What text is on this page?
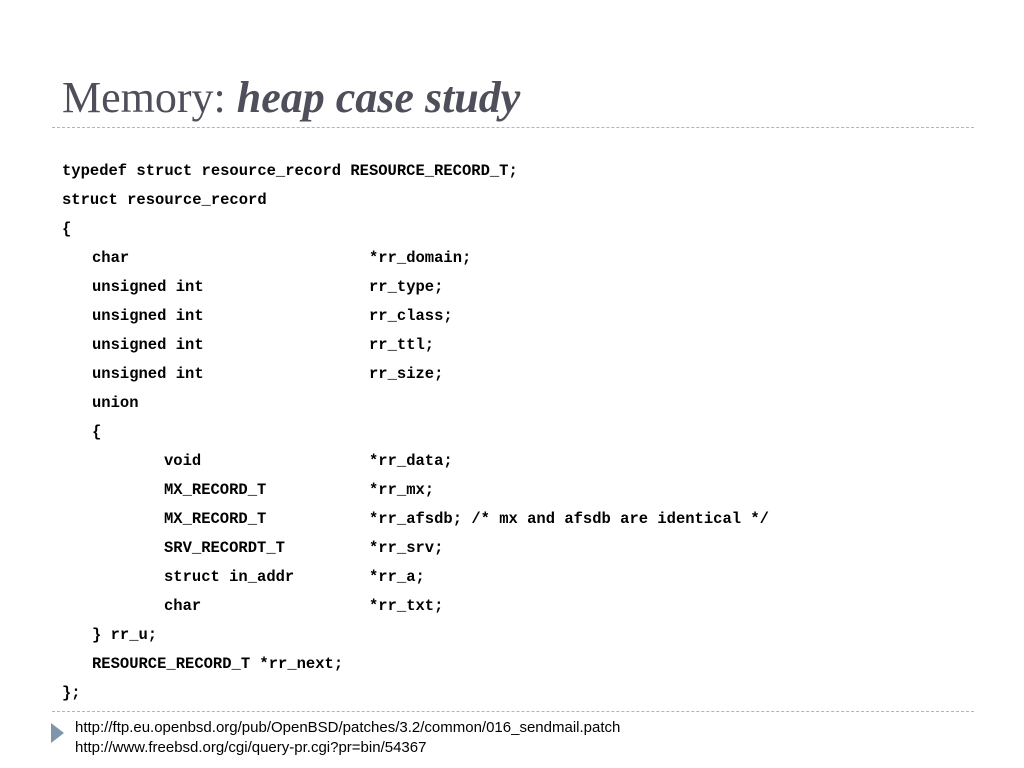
Memory: heap case study
typedef struct resource_record RESOURCE_RECORD_T;
struct resource_record
{
char	*rr_domain;
unsigned int	rr_type;
unsigned int	rr_class;
unsigned int	rr_ttl;
unsigned int	rr_size;
union
{
void	*rr_data;
MX_RECORD_T	*rr_mx;
MX_RECORD_T	*rr_afsdb; /* mx and afsdb are identical */
SRV_RECORDT_T	*rr_srv;
struct in_addr	*rr_a;
char	*rr_txt;
} rr_u;
RESOURCE_RECORD_T *rr_next;
};
http://ftp.eu.openbsd.org/pub/OpenBSD/patches/3.2/common/016_sendmail.patch
http://www.freebsd.org/cgi/query-pr.cgi?pr=bin/54367
